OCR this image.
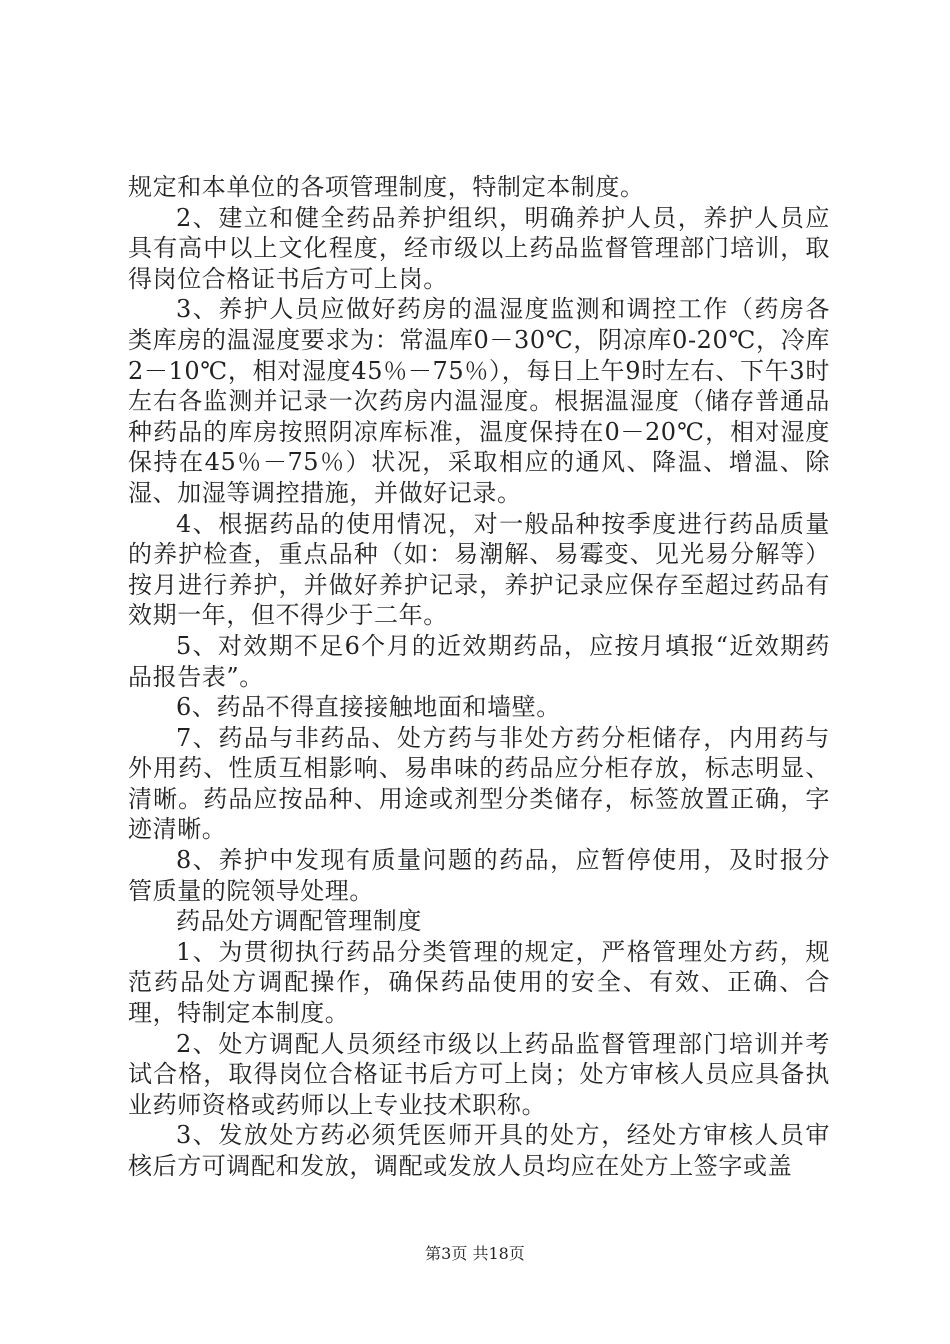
规定和本单位的各项管理制度，特制定本制度。

2、建立和健全药品养护组织，明确养护人员，养护人员应具有高中以上文化程度，经市级以上药品监督管理部门培训，取得岗位合格证书后方可上岗。

3、养护人员应做好药房的温湿度监测和调控工作（药房各类库房的温湿度要求为：常温库0－30℃，阴凉库0-20℃，冷库2－10℃，相对湿度45％－75％），每日上午9时左右、下午3时左右各监测并记录一次药房内温湿度。根据温湿度（储存普通品种药品的库房按照阴凉库标准，温度保持在0－20℃，相对湿度保持在45％－75％）状况，采取相应的通风、降温、增温、除湿、加湿等调控措施，并做好记录。

4、根据药品的使用情况，对一般品种按季度进行药品质量的养护检查，重点品种（如：易潮解、易霉变、见光易分解等）按月进行养护，并做好养护记录，养护记录应保存至超过药品有效期一年，但不得少于二年。

5、对效期不足6个月的近效期药品，应按月填报“近效期药品报告表”。

6、药品不得直接接触地面和墙壁。

7、药品与非药品、处方药与非处方药分柜储存，内用药与外用药、性质互相影响、易串味的药品应分柜存放，标志明显、清晰。药品应按品种、用途或剂型分类储存，标签放置正确，字迹清晰。

8、养护中发现有质量问题的药品，应暂停使用，及时报分管质量的院领导处理。

药品处方调配管理制度

1、为贯彻执行药品分类管理的规定，严格管理处方药，规范药品处方调配操作，确保药品使用的安全、有效、正确、合理，特制定本制度。

2、处方调配人员须经市级以上药品监督管理部门培训并考试合格，取得岗位合格证书后方可上岗；处方审核人员应具备执业药师资格或药师以上专业技术职称。

3、发放处方药必须凭医师开具的处方，经处方审核人员审核后方可调配和发放，调配或发放人员均应在处方上签字或盖

第3页 共18页
